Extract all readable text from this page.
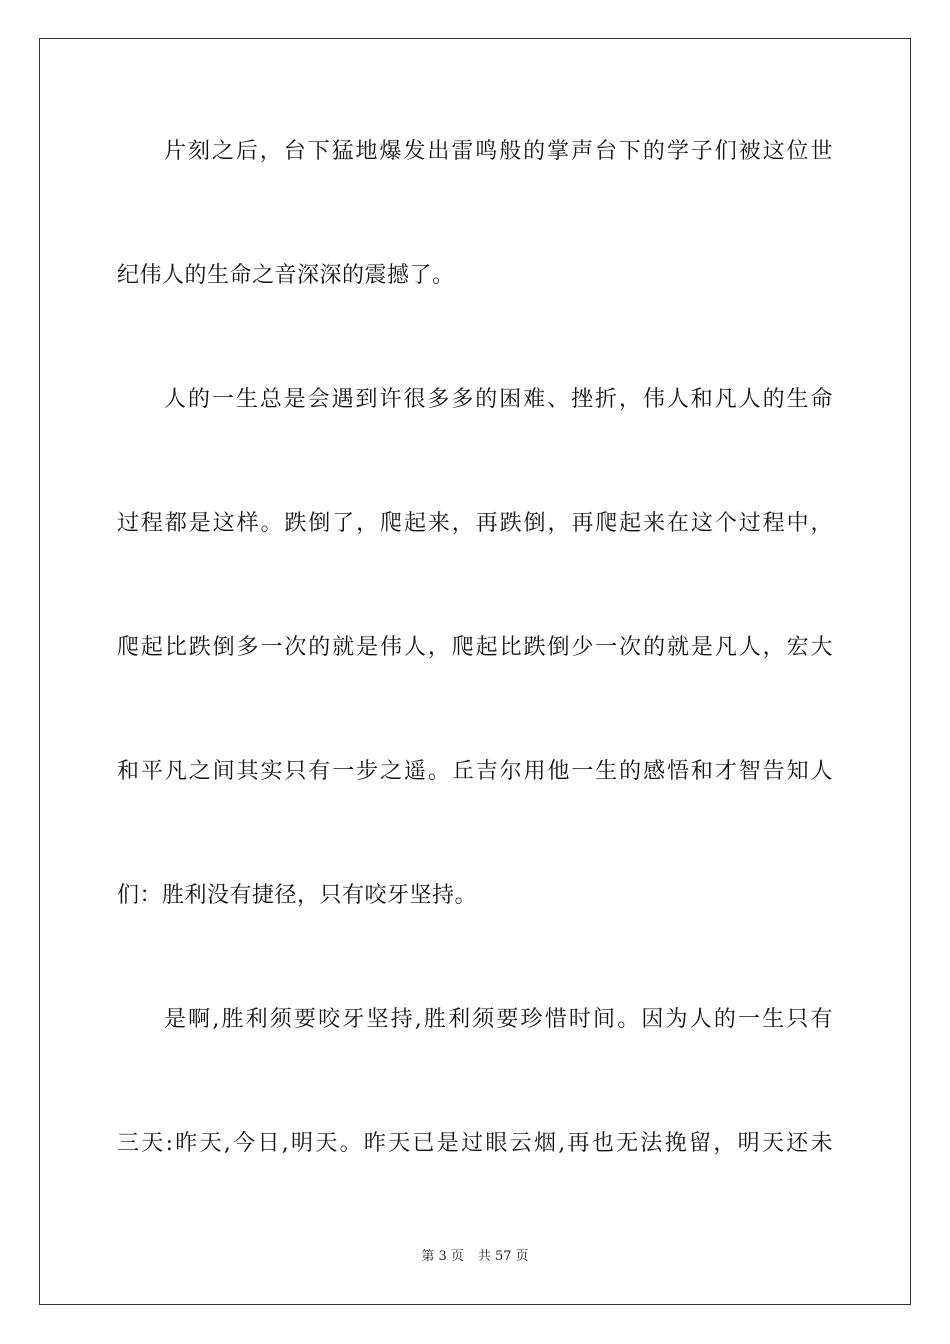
片刻之后，台下猛地爆发出雷鸣般的掌声台下的学子们被这位世
纪伟人的生命之音深深的震撼了。
人的一生总是会遇到许很多多的困难、挫折，伟人和凡人的生命
过程都是这样。跌倒了，爬起来，再跌倒，再爬起来在这个过程中，
爬起比跌倒多一次的就是伟人，爬起比跌倒少一次的就是凡人，宏大
和平凡之间其实只有一步之遥。丘吉尔用他一生的感悟和才智告知人
们：胜利没有捷径，只有咬牙坚持。
是啊,胜利须要咬牙坚持,胜利须要珍惜时间。因为人的一生只有
三天:昨天,今日,明天。昨天已是过眼云烟,再也无法挽留，明天还未
第 3 页 共 57 页
